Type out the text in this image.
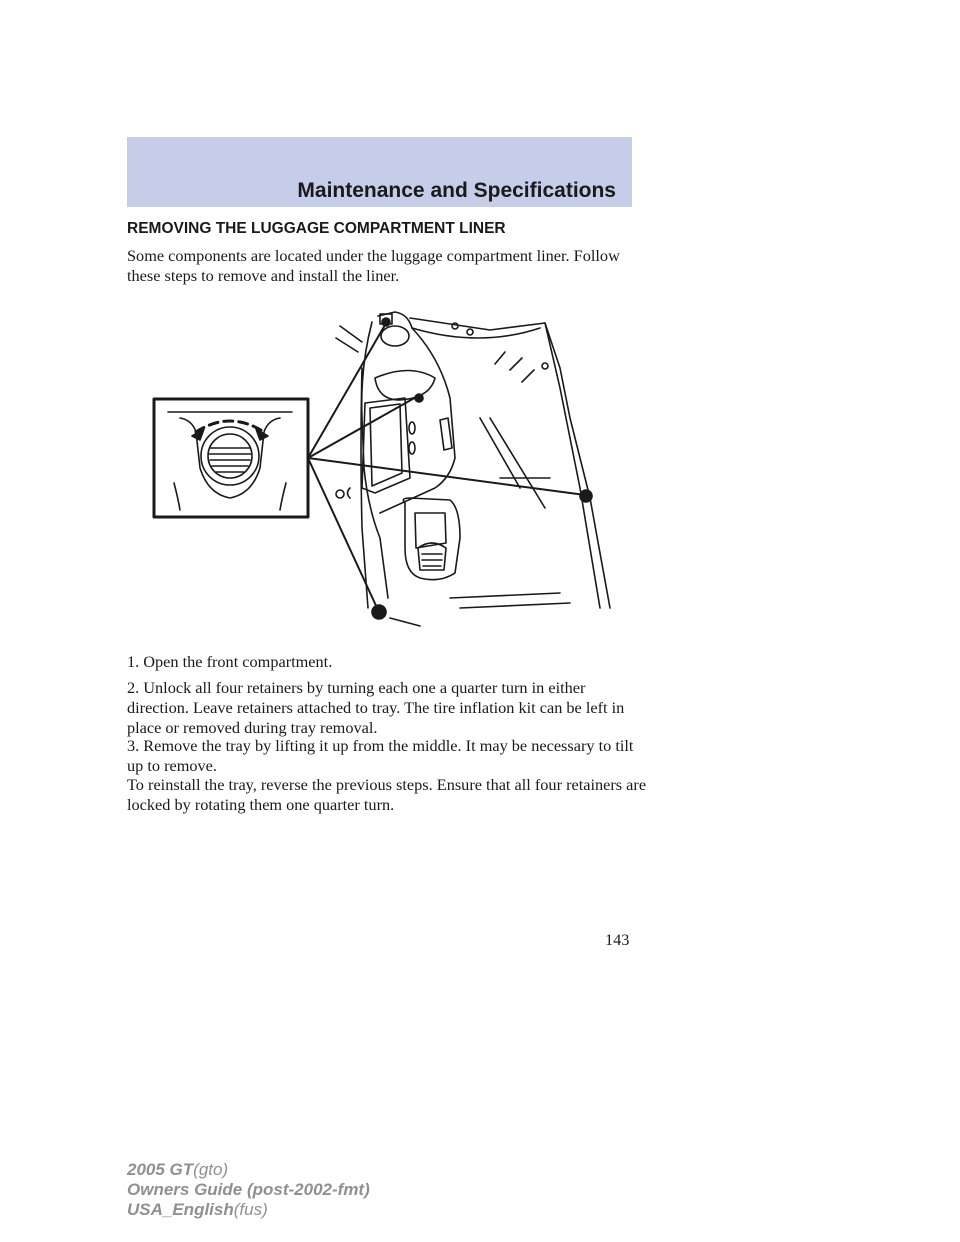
Maintenance and Specifications
REMOVING THE LUGGAGE COMPARTMENT LINER

Some components are located under the luggage compartment liner. Follow these steps to remove and install the liner.

1. Open the front compartment.

2. Unlock all four retainers by turning each one a quarter turn in either direction. Leave retainers attached to tray. The tire inflation kit can be left in place or removed during tray removal.

3. Remove the tray by lifting it up from the middle. It may be necessary to tilt up to remove.

To reinstall the tray, reverse the previous steps. Ensure that all four retainers are locked by rotating them one quarter turn.

143
2005 GT(gto)
Owners Guide (post-2002-fmt)
USA_English(fus)
